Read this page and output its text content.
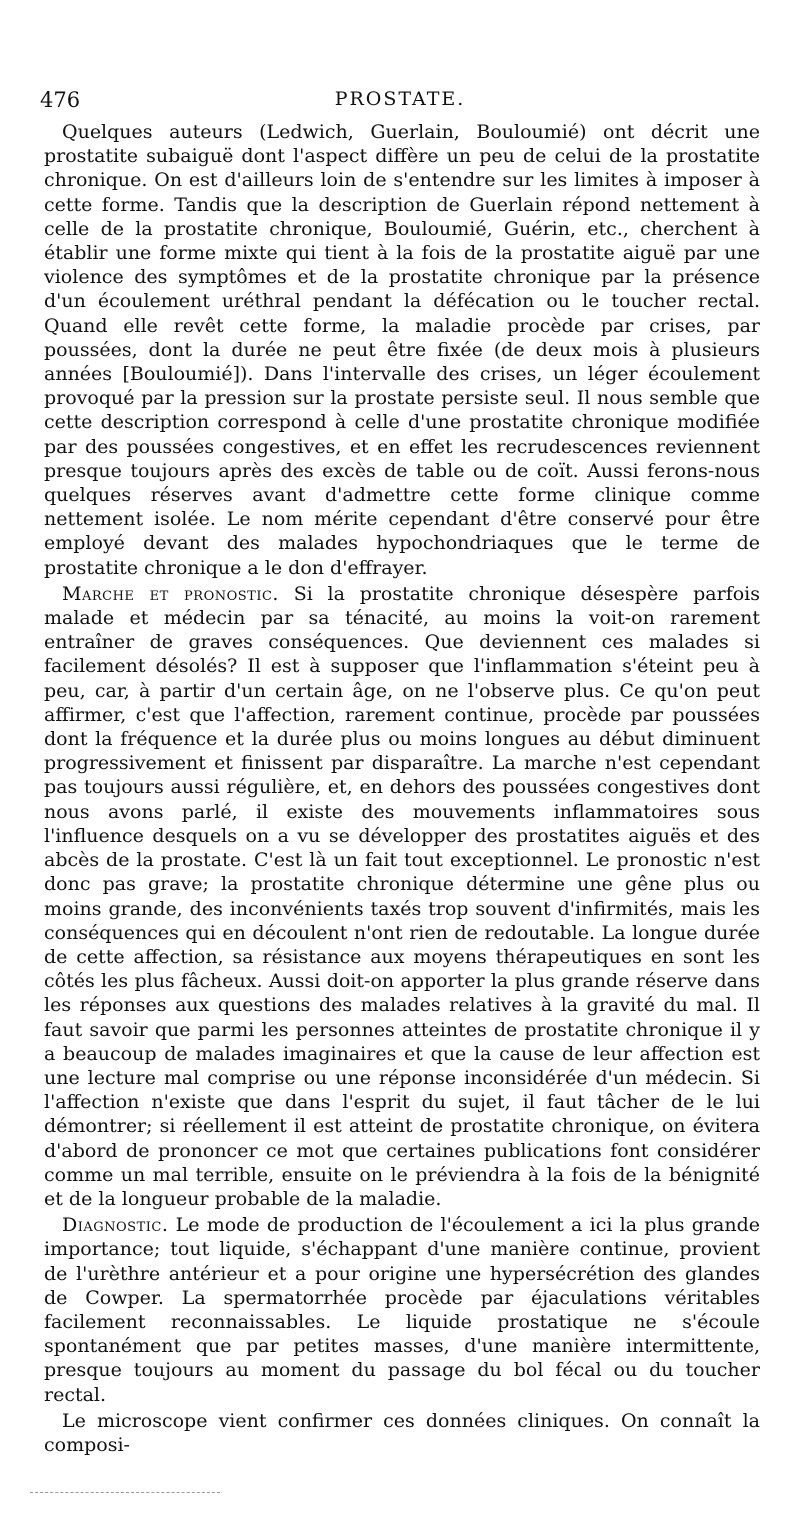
476	PROSTATE.

Quelques auteurs (Ledwich, Guerlain, Bouloumié) ont décrit une prostatite subaiguë dont l'aspect diffère un peu de celui de la prostatite chronique. On est d'ailleurs loin de s'entendre sur les limites à imposer à cette forme. Tandis que la description de Guerlain répond nettement à celle de la prostatite chronique, Bouloumié, Guérin, etc., cherchent à établir une forme mixte qui tient à la fois de la prostatite aiguë par une violence des symptômes et de la prostatite chronique par la présence d'un écoulement uréthral pendant la défécation ou le toucher rectal. Quand elle revêt cette forme, la maladie procède par crises, par poussées, dont la durée ne peut être fixée (de deux mois à plusieurs années [Bouloumié]). Dans l'intervalle des crises, un léger écoulement provoqué par la pression sur la prostate persiste seul. Il nous semble que cette description correspond à celle d'une prostatite chronique modifiée par des poussées congestives, et en effet les recrudescences reviennent presque toujours après des excès de table ou de coït. Aussi ferons-nous quelques réserves avant d'admettre cette forme clinique comme nettement isolée. Le nom mérite cependant d'être conservé pour être employé devant des malades hypochondriaques que le terme de prostatite chronique a le don d'effrayer.

Marche et pronostic. Si la prostatite chronique désespère parfois malade et médecin par sa ténacité, au moins la voit-on rarement entraîner de graves conséquences. Que deviennent ces malades si facilement désolés? Il est à supposer que l'inflammation s'éteint peu à peu, car, à partir d'un certain âge, on ne l'observe plus. Ce qu'on peut affirmer, c'est que l'affection, rarement continue, procède par poussées dont la fréquence et la durée plus ou moins longues au début diminuent progressivement et finissent par disparaître. La marche n'est cependant pas toujours aussi régulière, et, en dehors des poussées congestives dont nous avons parlé, il existe des mouvements inflammatoires sous l'influence desquels on a vu se développer des prostatites aiguës et des abcès de la prostate. C'est là un fait tout exceptionnel. Le pronostic n'est donc pas grave; la prostatite chronique détermine une gêne plus ou moins grande, des inconvénients taxés trop souvent d'infirmités, mais les conséquences qui en découlent n'ont rien de redoutable. La longue durée de cette affection, sa résistance aux moyens thérapeutiques en sont les côtés les plus fâcheux. Aussi doit-on apporter la plus grande réserve dans les réponses aux questions des malades relatives à la gravité du mal. Il faut savoir que parmi les personnes atteintes de prostatite chronique il y a beaucoup de malades imaginaires et que la cause de leur affection est une lecture mal comprise ou une réponse inconsidérée d'un médecin. Si l'affection n'existe que dans l'esprit du sujet, il faut tâcher de le lui démontrer; si réellement il est atteint de prostatite chronique, on évitera d'abord de prononcer ce mot que certaines publications font considérer comme un mal terrible, ensuite on le préviendra à la fois de la bénignité et de la longueur probable de la maladie.

Diagnostic. Le mode de production de l'écoulement a ici la plus grande importance; tout liquide, s'échappant d'une manière continue, provient de l'urèthre antérieur et a pour origine une hypersécrétion des glandes de Cowper. La spermatorrhée procède par éjaculations véritables facilement reconnaissables. Le liquide prostatique ne s'écoule spontanément que par petites masses, d'une manière intermittente, presque toujours au moment du passage du bol fécal ou du toucher rectal.

Le microscope vient confirmer ces données cliniques. On connaît la composi-
